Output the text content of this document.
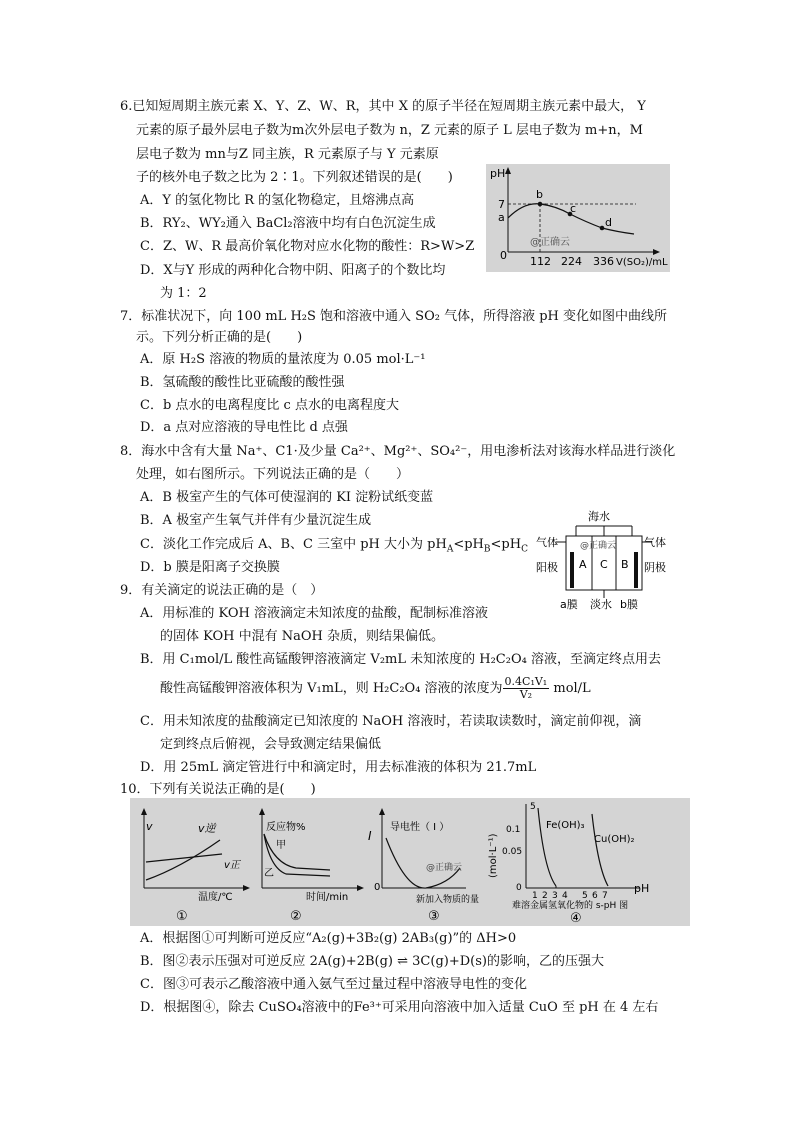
6.已知短周期主族元素 X、Y、Z、W、R，其中 X 的原子半径在短周期主族元素中最大， Y
元素的原子最外层电子数为m次外层电子数为 n，Z 元素的原子 L 层电子数为 m+n，M
层电子数为 mn与Z 同主族，R 元素原子与 Y 元素原
子的核外电子数之比为 2∶1。下列叙述错误的是(　　)
A．Y 的氢化物比 R 的氢化物稳定，且熔沸点高
B．RY₂、WY₂通入 BaCl₂溶液中均有白色沉淀生成
C．Z、W、R 最高价氧化物对应水化物的酸性：R>W>Z
D．X与Y 形成的两种化合物中阴、阳离子的个数比均
为 1：2
pH
7
a
0
b
c
d
@正确云
112 224 336 V(SO₂)/mL
7．标准状况下，向 100 mL H₂S 饱和溶液中通入 SO₂ 气体，所得溶液 pH 变化如图中曲线所
示。下列分析正确的是(　　)
A．原 H₂S 溶液的物质的量浓度为 0.05 mol·L⁻¹
B．氢硫酸的酸性比亚硫酸的酸性强
C．b 点水的电离程度比 c 点水的电离程度大
D．a 点对应溶液的导电性比 d 点强
8．海水中含有大量 Na⁺、C1·及少量 Ca²⁺、Mg²⁺、SO₄²⁻，用电渗析法对该海水样品进行淡化
处理，如右图所示。下列说法正确的是（　　）
A．B 极室产生的气体可使湿润的 KI 淀粉试纸变蓝
B．A 极室产生氧气并伴有少量沉淀生成
C．淡化工作完成后 A、B、C 三室中 pH 大小为 $pH_A<pH_B<pH_C$
D．b 膜是阳离子交换膜
海水
气体	气体
阳极	阴极
A C B
@正确云
a膜 淡水 b膜
9．有关滴定的说法正确的是（　）
A．用标准的 KOH 溶液滴定未知浓度的盐酸，配制标准溶液
的固体 KOH 中混有 NaOH 杂质，则结果偏低。
B．用 C₁mol/L 酸性高锰酸钾溶液滴定 V₂mL 未知浓度的 H₂C₂O₄ 溶液，至滴定终点用去
酸性高锰酸钾溶液体积为 V₁mL，则 H₂C₂O₄ 溶液的浓度为 $\frac{\text{0.4C₁V₁}}{\text{V₂}} mol/L$
C．用未知浓度的盐酸滴定已知浓度的 NaOH 溶液时，若读取读数时，滴定前仰视，滴
定到终点后俯视，会导致测定结果偏低
D．用 25mL 滴定管进行中和滴定时，用去标准液的体积为 21.7mL
10．下列有关说法正确的是(　　)
v	v逆
v正
温度/℃
①
反应物%
甲
乙
时间/min
②
I
导电性（ I ）
0
@正确云
新加入物质的量
③
5
0.1
0.05
0
(mol·L⁻¹)
Fe(OH)₃
Cu(OH)₂
1 2 3 4 5 6 7
pH
难溶金属氢氧化物的 s-pH 图
④
A．根据图①可判断可逆反应“A₂(g)+3B₂(g) 2AB₃(g)”的 ΔH>0
B．图②表示压强对可逆反应 2A(g)+2B(g) ⇌ 3C(g)+D(s)的影响，乙的压强大
C．图③可表示乙酸溶液中通入氨气至过量过程中溶液导电性的变化
D．根据图④，除去 CuSO₄溶液中的Fe³⁺可采用向溶液中加入适量 CuO 至 pH 在 4 左右
